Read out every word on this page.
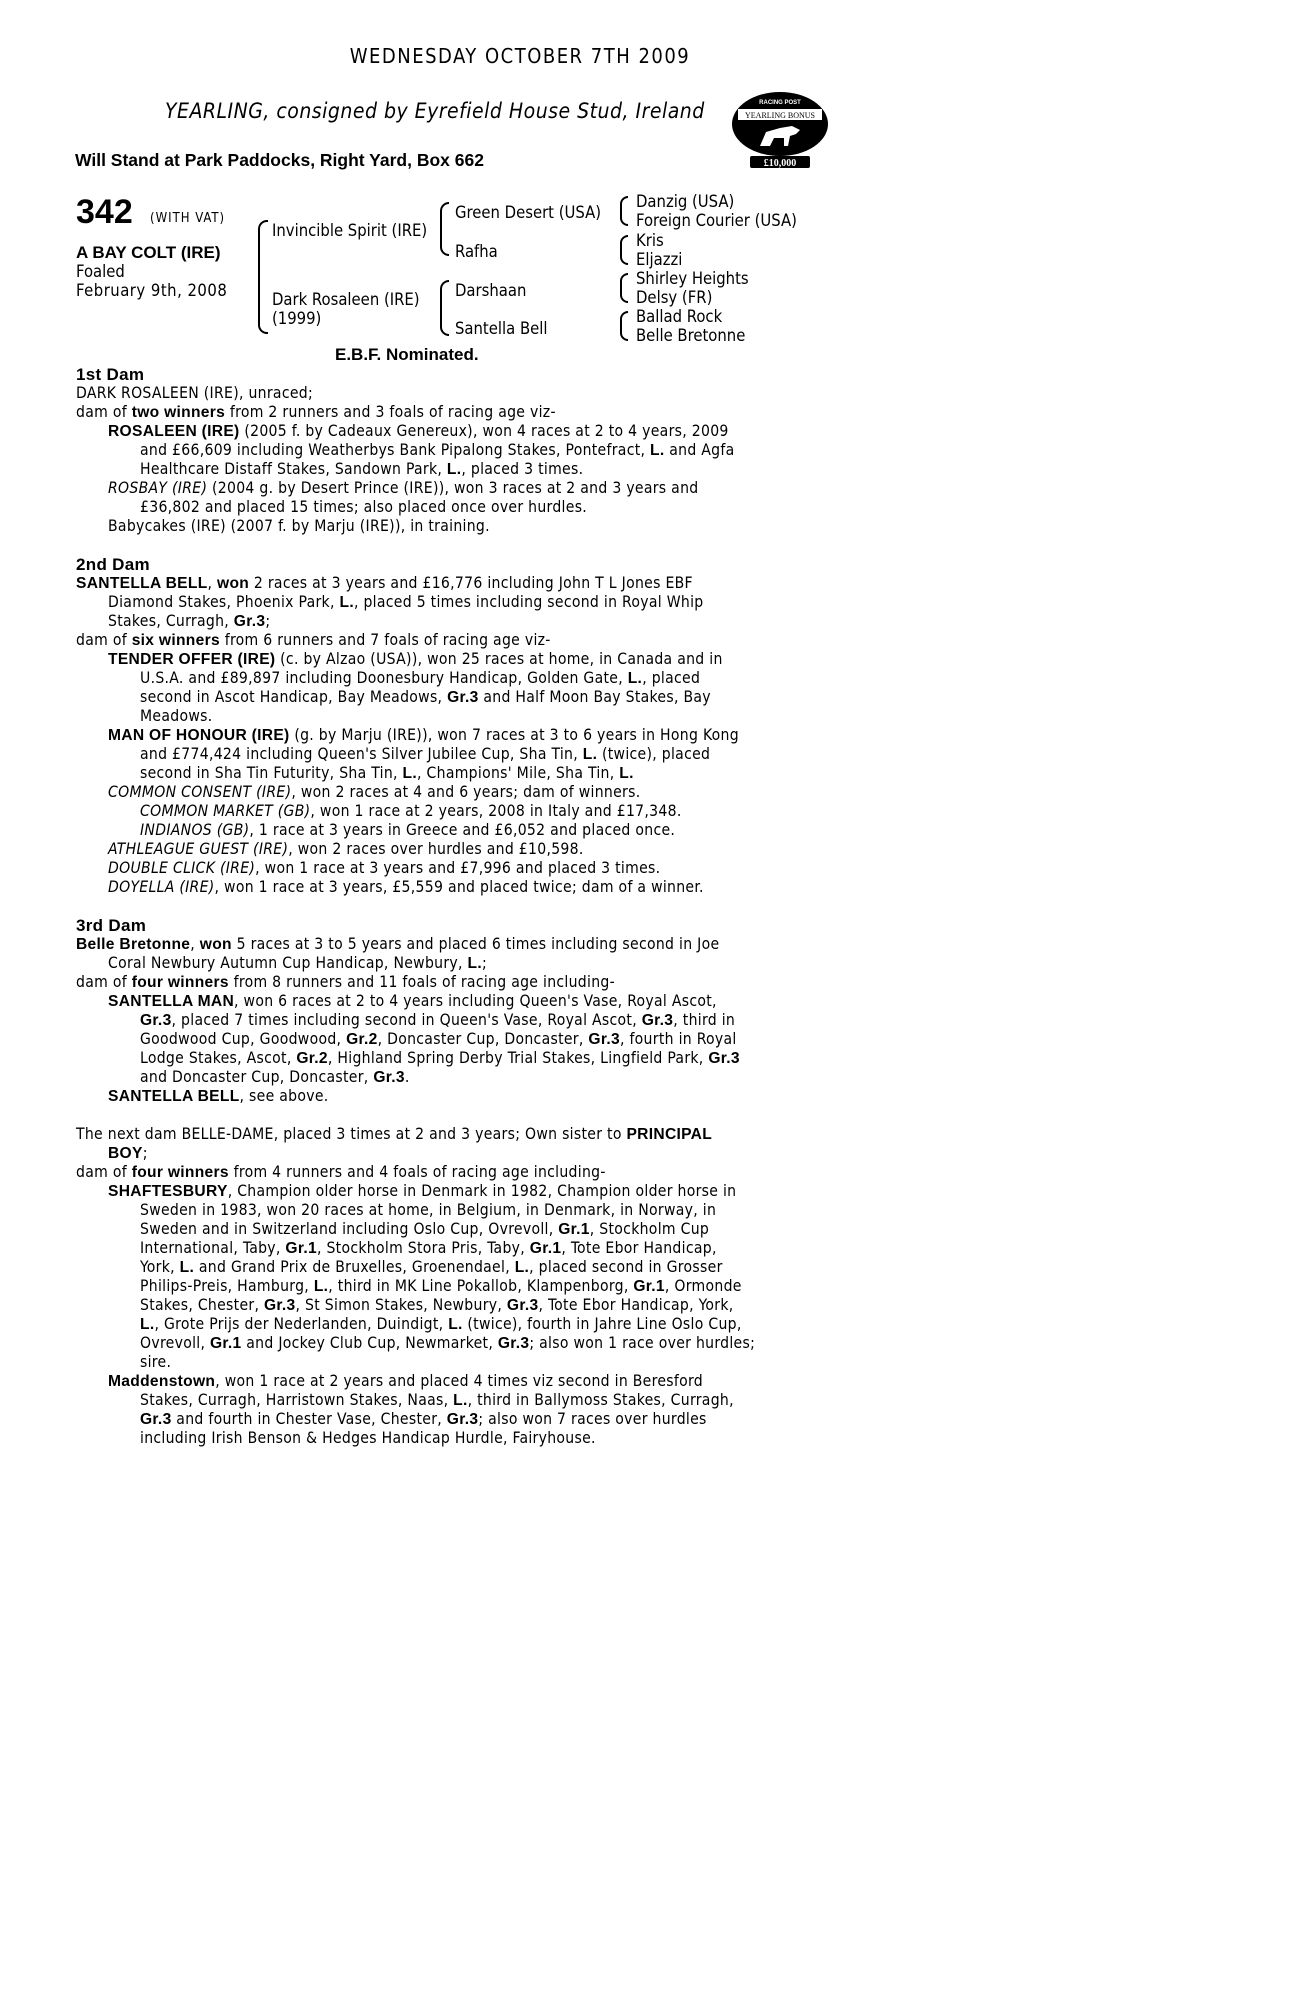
WEDNESDAY OCTOBER 7TH 2009
YEARLING, consigned by Eyrefield House Stud, Ireland
Will Stand at Park Paddocks, Right Yard, Box 662
RACING POST
YEARLING BONUS
£10,000
342 (WITH VAT)
A BAY COLT (IRE)
Foaled
February 9th, 2008
Invincible Spirit (IRE)
Dark Rosaleen (IRE)
(1999)
Green Desert (USA)
Rafha
Darshaan
Santella Bell
Danzig (USA)
Foreign Courier (USA)
Kris
Eljazzi
Shirley Heights
Delsy (FR)
Ballad Rock
Belle Bretonne
E.B.F. Nominated.
1st Dam
DARK ROSALEEN (IRE), unraced;
dam of two winners from 2 runners and 3 foals of racing age viz-
ROSALEEN (IRE) (2005 f. by Cadeaux Genereux), won 4 races at 2 to 4 years, 2009 and £66,609 including Weatherbys Bank Pipalong Stakes, Pontefract, L. and Agfa Healthcare Distaff Stakes, Sandown Park, L., placed 3 times.
ROSBAY (IRE) (2004 g. by Desert Prince (IRE)), won 3 races at 2 and 3 years and £36,802 and placed 15 times; also placed once over hurdles.
Babycakes (IRE) (2007 f. by Marju (IRE)), in training.
2nd Dam
SANTELLA BELL, won 2 races at 3 years and £16,776 including John T L Jones EBF Diamond Stakes, Phoenix Park, L., placed 5 times including second in Royal Whip Stakes, Curragh, Gr.3;
dam of six winners from 6 runners and 7 foals of racing age viz-
TENDER OFFER (IRE) (c. by Alzao (USA)), won 25 races at home, in Canada and in U.S.A. and £89,897 including Doonesbury Handicap, Golden Gate, L., placed second in Ascot Handicap, Bay Meadows, Gr.3 and Half Moon Bay Stakes, Bay Meadows.
MAN OF HONOUR (IRE) (g. by Marju (IRE)), won 7 races at 3 to 6 years in Hong Kong and £774,424 including Queen's Silver Jubilee Cup, Sha Tin, L. (twice), placed second in Sha Tin Futurity, Sha Tin, L., Champions' Mile, Sha Tin, L.
COMMON CONSENT (IRE), won 2 races at 4 and 6 years; dam of winners.
COMMON MARKET (GB), won 1 race at 2 years, 2008 in Italy and £17,348.
INDIANOS (GB), 1 race at 3 years in Greece and £6,052 and placed once.
ATHLEAGUE GUEST (IRE), won 2 races over hurdles and £10,598.
DOUBLE CLICK (IRE), won 1 race at 3 years and £7,996 and placed 3 times.
DOYELLA (IRE), won 1 race at 3 years, £5,559 and placed twice; dam of a winner.
3rd Dam
Belle Bretonne, won 5 races at 3 to 5 years and placed 6 times including second in Joe Coral Newbury Autumn Cup Handicap, Newbury, L.;
dam of four winners from 8 runners and 11 foals of racing age including-
SANTELLA MAN, won 6 races at 2 to 4 years including Queen's Vase, Royal Ascot, Gr.3, placed 7 times including second in Queen's Vase, Royal Ascot, Gr.3, third in Goodwood Cup, Goodwood, Gr.2, Doncaster Cup, Doncaster, Gr.3, fourth in Royal Lodge Stakes, Ascot, Gr.2, Highland Spring Derby Trial Stakes, Lingfield Park, Gr.3 and Doncaster Cup, Doncaster, Gr.3.
SANTELLA BELL, see above.
The next dam BELLE-DAME, placed 3 times at 2 and 3 years; Own sister to PRINCIPAL BOY;
dam of four winners from 4 runners and 4 foals of racing age including-
SHAFTESBURY, Champion older horse in Denmark in 1982, Champion older horse in Sweden in 1983, won 20 races at home, in Belgium, in Denmark, in Norway, in Sweden and in Switzerland including Oslo Cup, Ovrevoll, Gr.1, Stockholm Cup International, Taby, Gr.1, Stockholm Stora Pris, Taby, Gr.1, Tote Ebor Handicap, York, L. and Grand Prix de Bruxelles, Groenendael, L., placed second in Grosser Philips-Preis, Hamburg, L., third in MK Line Pokallob, Klampenborg, Gr.1, Ormonde Stakes, Chester, Gr.3, St Simon Stakes, Newbury, Gr.3, Tote Ebor Handicap, York, L., Grote Prijs der Nederlanden, Duindigt, L. (twice), fourth in Jahre Line Oslo Cup, Ovrevoll, Gr.1 and Jockey Club Cup, Newmarket, Gr.3; also won 1 race over hurdles; sire.
Maddenstown, won 1 race at 2 years and placed 4 times viz second in Beresford Stakes, Curragh, Harristown Stakes, Naas, L., third in Ballymoss Stakes, Curragh, Gr.3 and fourth in Chester Vase, Chester, Gr.3; also won 7 races over hurdles including Irish Benson & Hedges Handicap Hurdle, Fairyhouse.
